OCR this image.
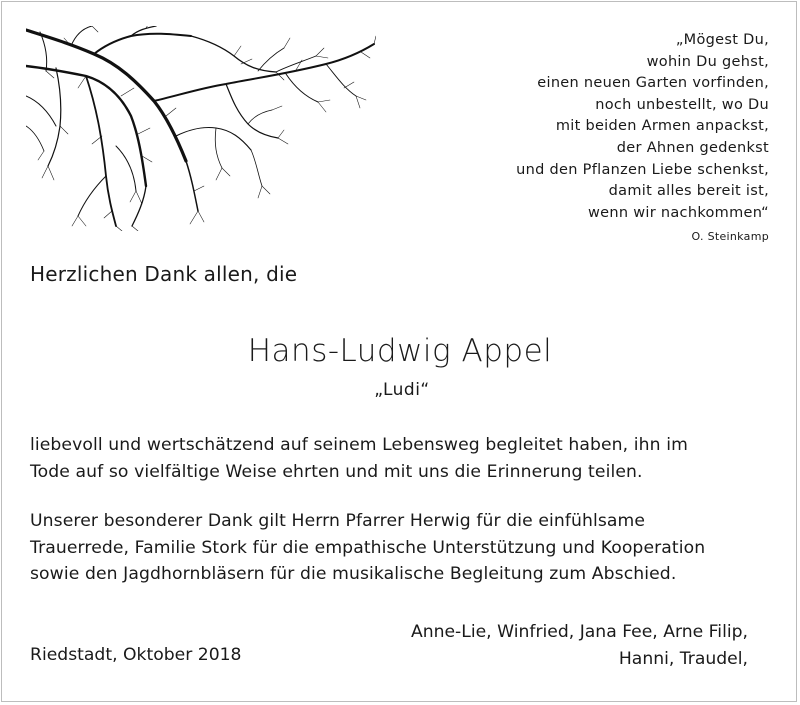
„Mögest Du,
wohin Du gehst,
einen neuen Garten vorfinden,
noch unbestellt, wo Du
mit beiden Armen anpackst,
der Ahnen gedenkst
und den Pflanzen Liebe schenkst,
damit alles bereit ist,
wenn wir nachkommen“
O. Steinkamp
Herzlichen Dank allen, die
Hans-Ludwig Appel
„Ludi“
liebevoll und wertschätzend auf seinem Lebensweg begleitet haben, ihn im
Tode auf so vielfältige Weise ehrten und mit uns die Erinnerung teilen.
Unserer besonderer Dank gilt Herrn Pfarrer Herwig für die einfühlsame
Trauerrede, Familie Stork für die empathische Unterstützung und Kooperation
sowie den Jagdhornbläsern für die musikalische Begleitung zum Abschied.
Anne-Lie, Winfried, Jana Fee, Arne Filip,
Hanni, Traudel,
Riedstadt, Oktober 2018
